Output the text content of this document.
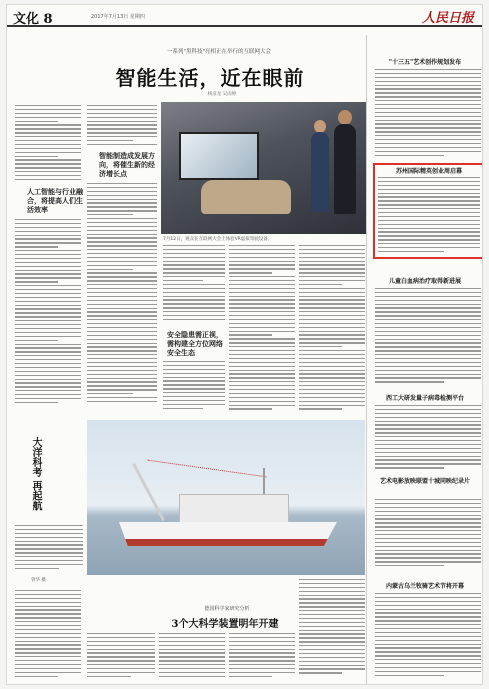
文化 8	2017年7月13日 星期四	人民日报
一系列"黑科技"亮相正在举行的互联网大会
智能生活，近在眼前
杨彦龙 吴雨婷
人工智能与行业融合，将提高人们生活效率
智能制造成发展方向，将催生新的经济增长点
7月12日，观众在互联网大会上体验VR虚拟驾驶设备。
安全隐患需正视，需构建全方位网络安全生态
大洋科考 再起航
曾华 摄
德国科学家研究分析
3个大科学装置明年开建
"十三五"艺术创作规划发布
苏州国际精英创业周启幕
儿童白血病治疗取得新进展
西工大研发量子病毒检测平台
艺术电影放映联盟十城同映纪录片
内蒙古乌兰牧骑艺术节将开幕
